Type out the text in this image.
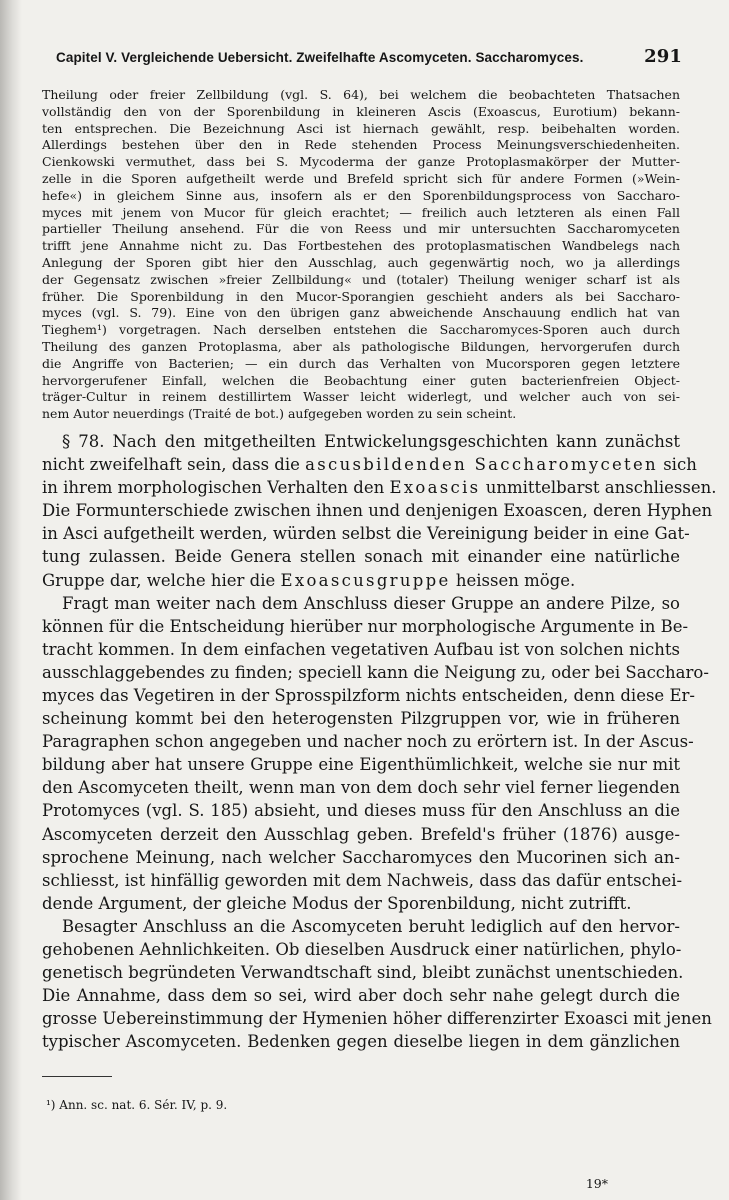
Capitel V. Vergleichende Uebersicht. Zweifelhafte Ascomyceten. Saccharomyces.	291
Theilung oder freier Zellbildung (vgl. S. 64), bei welchem die beobachteten Thatsachen
vollständig den von der Sporenbildung in kleineren Ascis (Exoascus, Eurotium) bekann-
ten entsprechen. Die Bezeichnung Asci ist hiernach gewählt, resp. beibehalten worden.
Allerdings bestehen über den in Rede stehenden Process Meinungsverschiedenheiten.
Cienkowski vermuthet, dass bei S. Mycoderma der ganze Protoplasmakörper der Mutter-
zelle in die Sporen aufgetheilt werde und Brefeld spricht sich für andere Formen (»Wein-
hefe«) in gleichem Sinne aus, insofern als er den Sporenbildungsprocess von Saccharo-
myces mit jenem von Mucor für gleich erachtet; — freilich auch letzteren als einen Fall
partieller Theilung ansehend. Für die von Reess und mir untersuchten Saccharomyceten
trifft jene Annahme nicht zu. Das Fortbestehen des protoplasmatischen Wandbelegs nach
Anlegung der Sporen gibt hier den Ausschlag, auch gegenwärtig noch, wo ja allerdings
der Gegensatz zwischen »freier Zellbildung« und (totaler) Theilung weniger scharf ist als
früher. Die Sporenbildung in den Mucor-Sporangien geschieht anders als bei Saccharo-
myces (vgl. S. 79). Eine von den übrigen ganz abweichende Anschauung endlich hat van
Tieghem¹) vorgetragen. Nach derselben entstehen die Saccharomyces-Sporen auch durch
Theilung des ganzen Protoplasma, aber als pathologische Bildungen, hervorgerufen durch
die Angriffe von Bacterien; — ein durch das Verhalten von Mucorsporen gegen letztere
hervorgerufener Einfall, welchen die Beobachtung einer guten bacterienfreien Object-
träger-Cultur in reinem destillirtem Wasser leicht widerlegt, und welcher auch von sei-
nem Autor neuerdings (Traité de bot.) aufgegeben worden zu sein scheint.
§ 78. Nach den mitgetheilten Entwickelungsgeschichten kann zunächst
nicht zweifelhaft sein, dass die ascusbildenden Saccharomyceten sich
in ihrem morphologischen Verhalten den Exoascis unmittelbarst anschliessen.
Die Formunterschiede zwischen ihnen und denjenigen Exoascen, deren Hyphen
in Asci aufgetheilt werden, würden selbst die Vereinigung beider in eine Gat-
tung zulassen. Beide Genera stellen sonach mit einander eine natürliche
Gruppe dar, welche hier die Exoascusgruppe heissen möge.
Fragt man weiter nach dem Anschluss dieser Gruppe an andere Pilze, so
können für die Entscheidung hierüber nur morphologische Argumente in Be-
tracht kommen. In dem einfachen vegetativen Aufbau ist von solchen nichts
ausschlaggebendes zu finden; speciell kann die Neigung zu, oder bei Saccharo-
myces das Vegetiren in der Sprosspilzform nichts entscheiden, denn diese Er-
scheinung kommt bei den heterogensten Pilzgruppen vor, wie in früheren
Paragraphen schon angegeben und nacher noch zu erörtern ist. In der Ascus-
bildung aber hat unsere Gruppe eine Eigenthümlichkeit, welche sie nur mit
den Ascomyceten theilt, wenn man von dem doch sehr viel ferner liegenden
Protomyces (vgl. S. 185) absieht, und dieses muss für den Anschluss an die
Ascomyceten derzeit den Ausschlag geben. Brefeld's früher (1876) ausge-
sprochene Meinung, nach welcher Saccharomyces den Mucorinen sich an-
schliesst, ist hinfällig geworden mit dem Nachweis, dass das dafür entschei-
dende Argument, der gleiche Modus der Sporenbildung, nicht zutrifft.
Besagter Anschluss an die Ascomyceten beruht lediglich auf den hervor-
gehobenen Aehnlichkeiten. Ob dieselben Ausdruck einer natürlichen, phylo-
genetisch begründeten Verwandtschaft sind, bleibt zunächst unentschieden.
Die Annahme, dass dem so sei, wird aber doch sehr nahe gelegt durch die
grosse Uebereinstimmung der Hymenien höher differenzirter Exoasci mit jenen
typischer Ascomyceten. Bedenken gegen dieselbe liegen in dem gänzlichen
¹) Ann. sc. nat. 6. Sér. IV, p. 9.
19*
